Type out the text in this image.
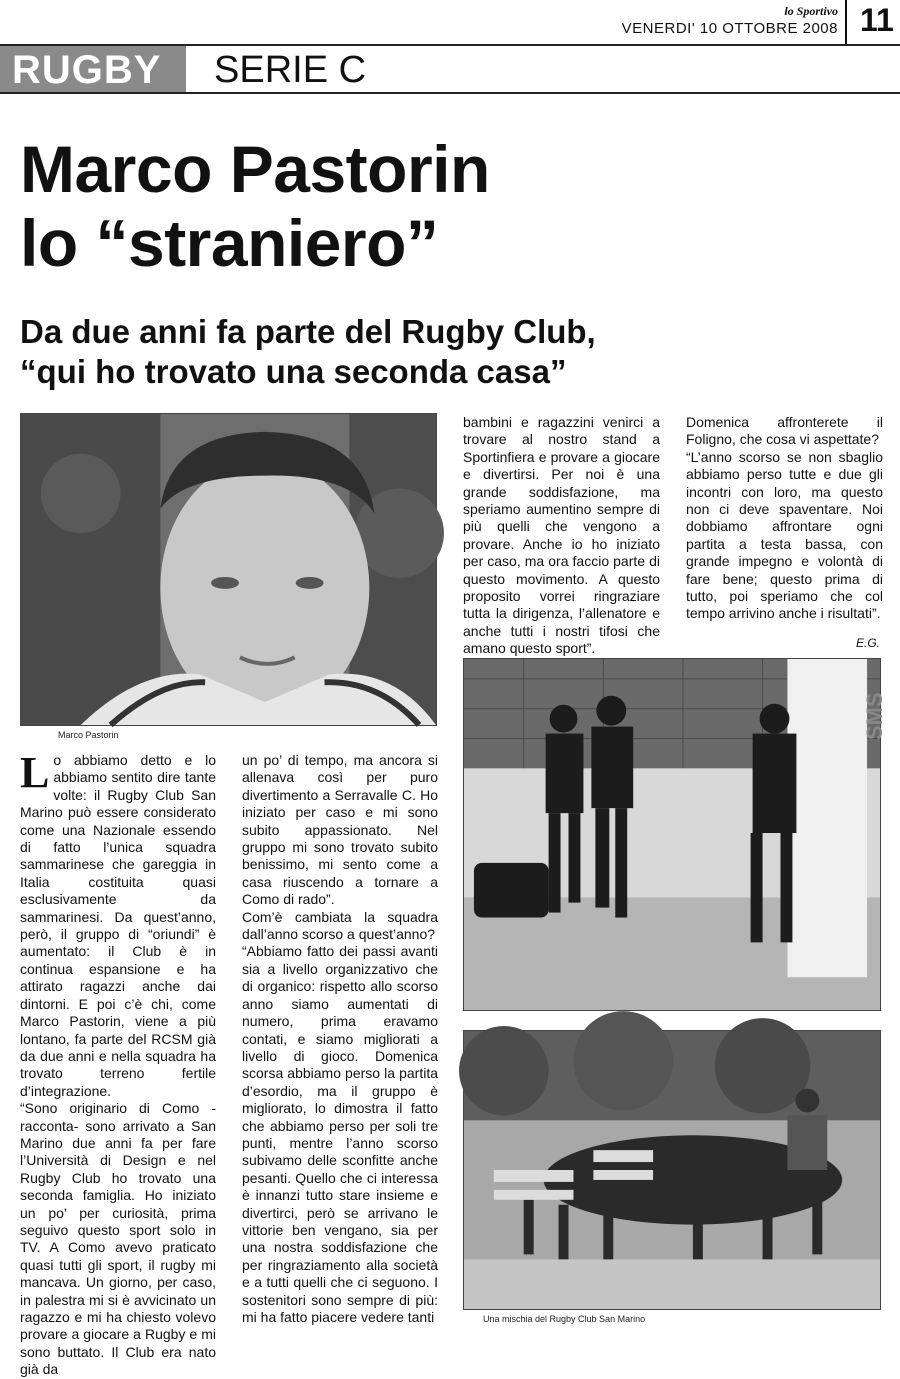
lo Sportivo
VENERDI' 10 OTTOBRE 2008 11
RUGBY SERIE C
Marco Pastorin
lo “straniero”
Da due anni fa parte del Rugby Club,
“qui ho trovato una seconda casa”
Marco Pastorin
Una mischia del Rugby Club San Marino

Lo abbiamo detto e lo abbiamo sentito dire tante volte: il Rugby Club San Marino può essere considerato come una Nazionale essendo di fatto l’unica squadra sammarinese che gareggia in Italia costituita quasi esclusivamente da sammarinesi. Da quest’anno, però, il gruppo di “oriundi” è aumentato: il Club è in continua espansione e ha attirato ragazzi anche dai dintorni. E poi c’è chi, come Marco Pastorin, viene a più lontano, fa parte del RCSM già da due anni e nella squadra ha trovato terreno fertile d’integrazione.

“Sono originario di Como -racconta- sono arrivato a San Marino due anni fa per fare l’Università di Design e nel Rugby Club ho trovato una seconda famiglia. Ho iniziato un po’ per curiosità, prima seguivo questo sport solo in TV. A Como avevo praticato quasi tutti gli sport, il rugby mi mancava. Un giorno, per caso, in palestra mi si è avvicinato un ragazzo e mi ha chiesto volevo provare a giocare a Rugby e mi sono buttato. Il Club era nato già da

un po’ di tempo, ma ancora si allenava così per puro divertimento a Serravalle C. Ho iniziato per caso e mi sono subito appassionato. Nel gruppo mi sono trovato subito benissimo, mi sento come a casa riuscendo a tornare a Como di rado”.

Com’è cambiata la squadra dall’anno scorso a quest’anno?

“Abbiamo fatto dei passi avanti sia a livello organizzativo che di organico: rispetto allo scorso anno siamo aumentati di numero, prima eravamo contati, e siamo migliorati a livello di gioco. Domenica scorsa abbiamo perso la partita d’esordio, ma il gruppo è migliorato, lo dimostra il fatto che abbiamo perso per soli tre punti, mentre l’anno scorso subivamo delle sconfitte anche pesanti. Quello che ci interessa è innanzi tutto stare insieme e divertirci, però se arrivano le vittorie ben vengano, sia per una nostra soddisfazione che per ringraziamento alla società e a tutti quelli che ci seguono. I sostenitori sono sempre di più: mi ha fatto piacere vedere tanti

bambini e ragazzini venirci a trovare al nostro stand a Sportinfiera e provare a giocare e divertirsi. Per noi è una grande soddisfazione, ma speriamo aumentino sempre di più quelli che vengono a provare. Anche io ho iniziato per caso, ma ora faccio parte di questo movimento. A questo proposito vorrei ringraziare tutta la dirigenza, l’allenatore e anche tutti i nostri tifosi che amano questo sport”.

Domenica affronterete il Foligno, che cosa vi aspettate?

“L’anno scorso se non sbaglio abbiamo perso tutte e due gli incontri con loro, ma questo non ci deve spaventare. Noi dobbiamo affrontare ogni partita a testa bassa, con grande impegno e volontà di fare bene; questo prima di tutto, poi speriamo che col tempo arrivino anche i risultati”.

E.G.
SMS
